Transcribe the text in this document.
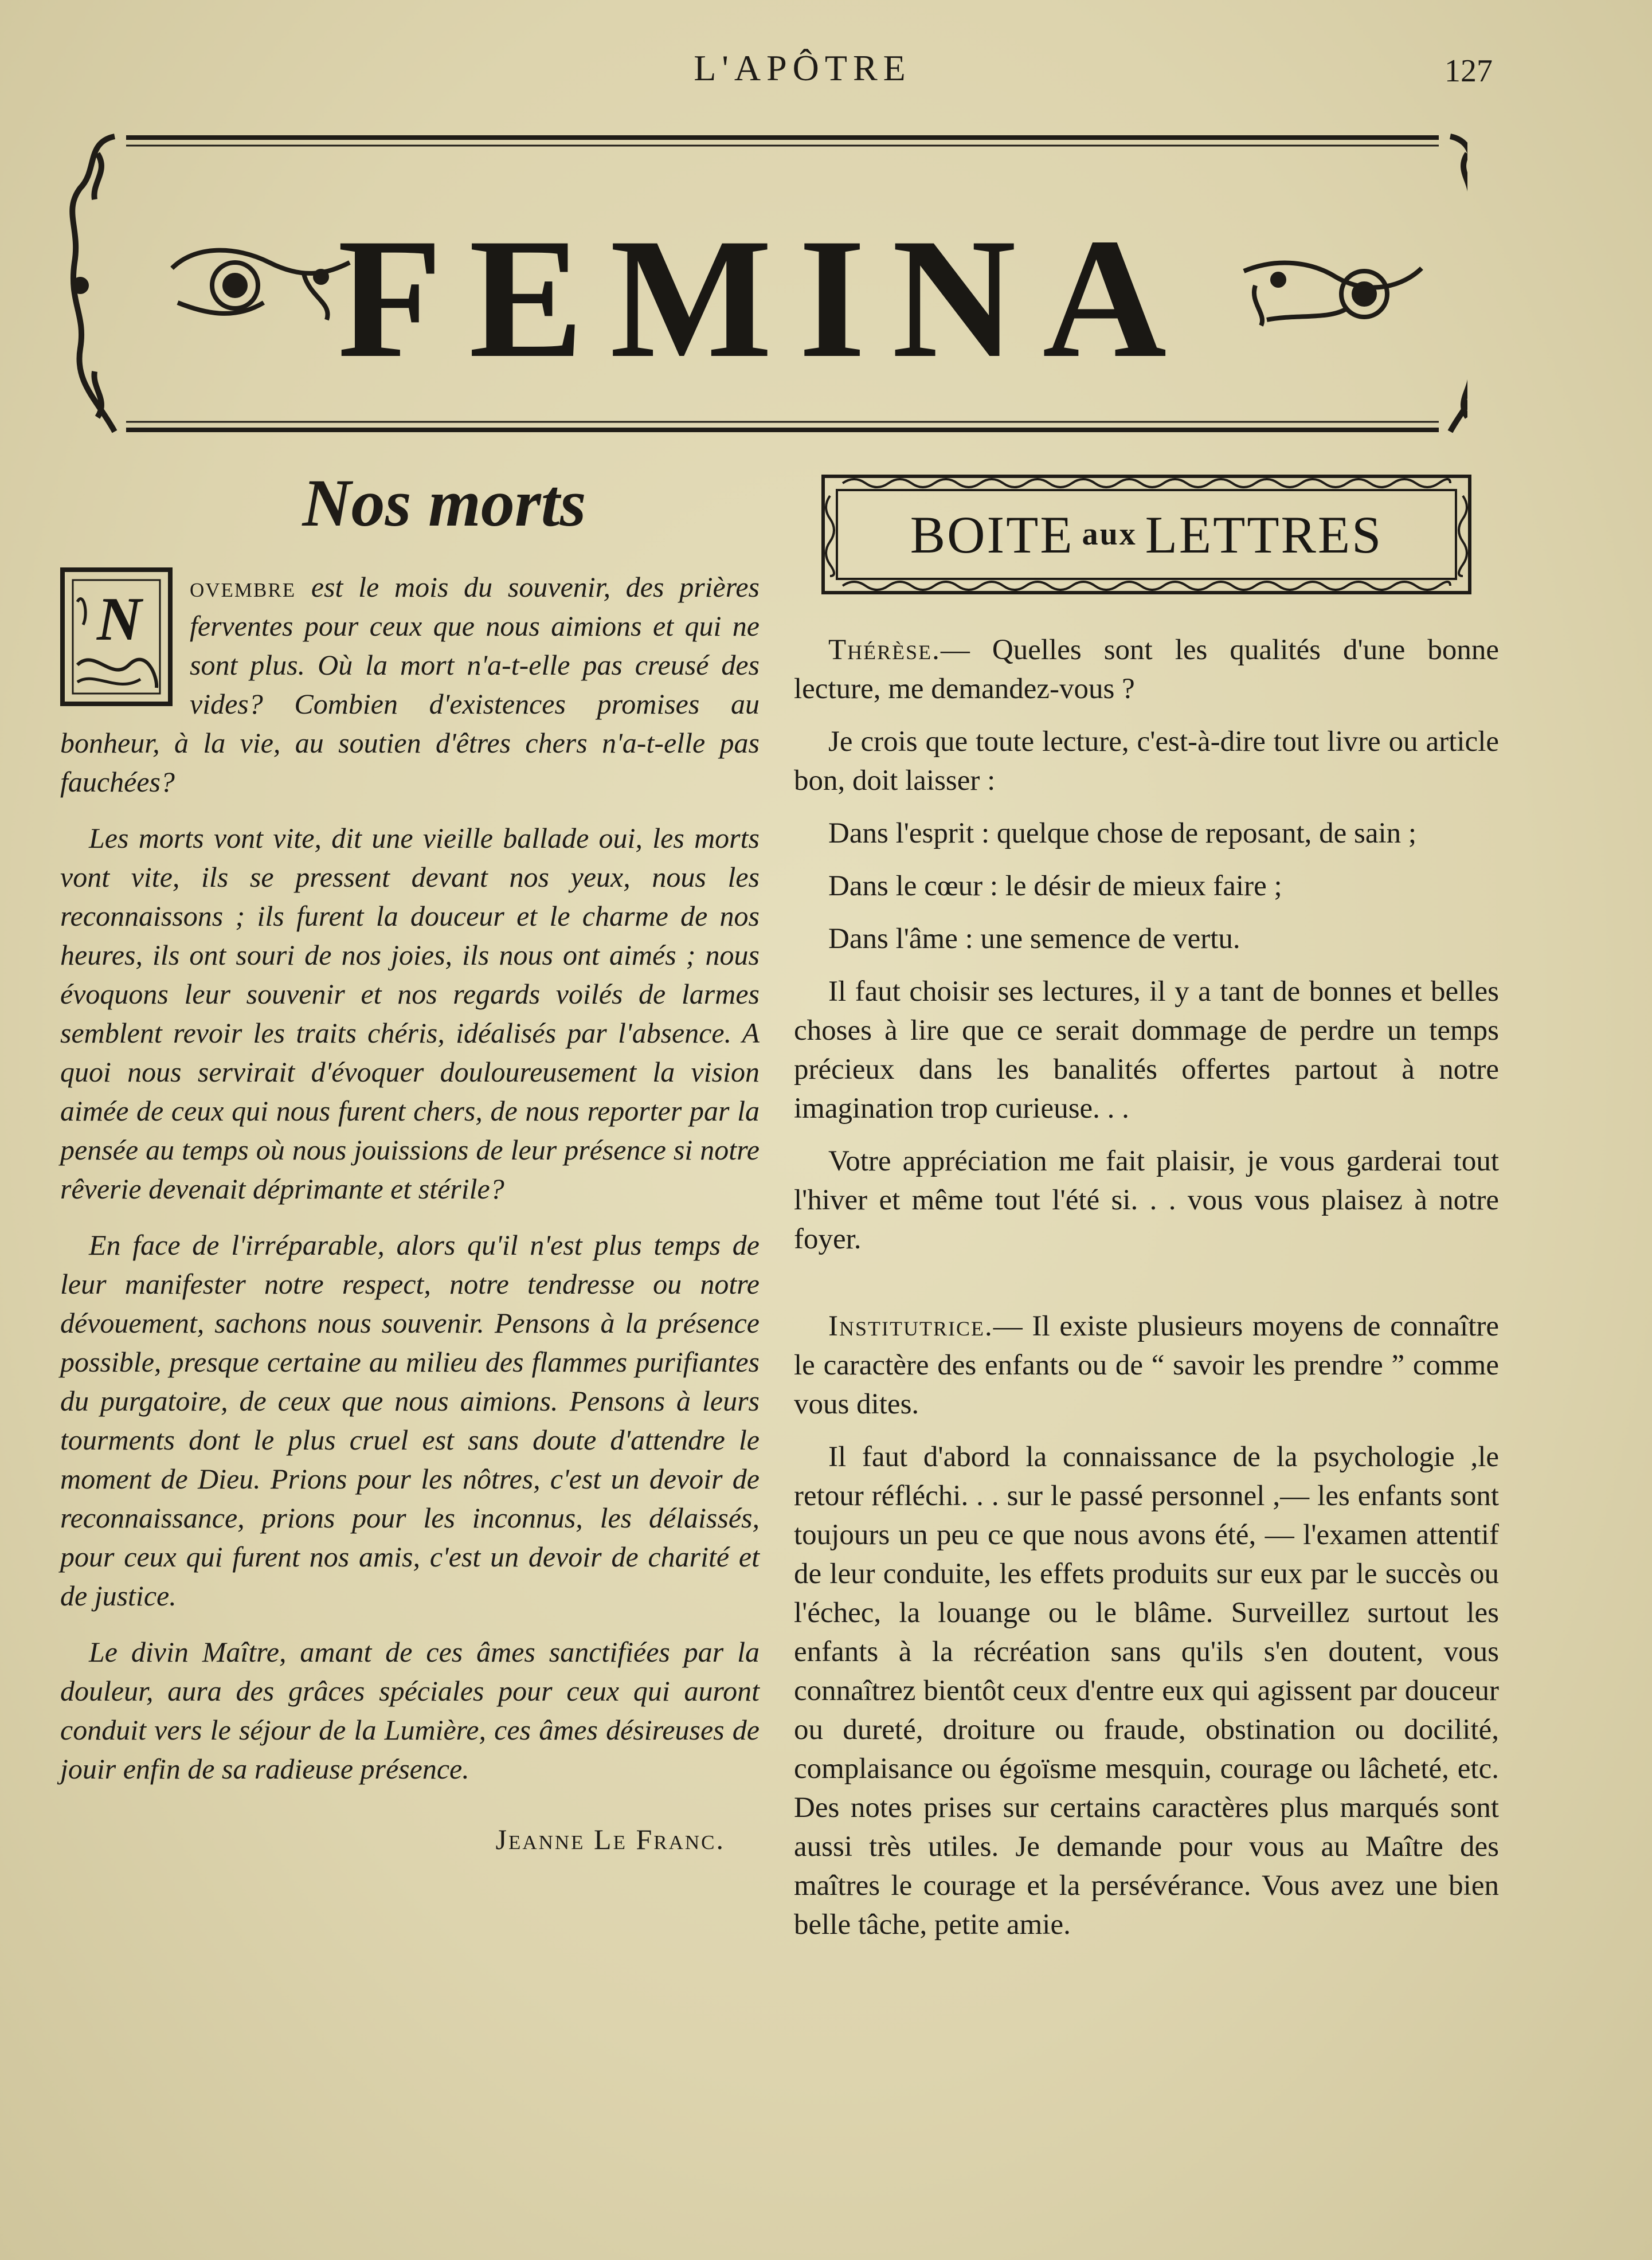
L'APÔTRE	127
FEMINA
Nos morts
N ovembre est le mois du souvenir, des prières ferventes pour ceux que nous aimions et qui ne sont plus. Où la mort n'a-t-elle pas creusé des vides? Combien d'existences promises au bonheur, à la vie, au soutien d'êtres chers n'a-t-elle pas fauchées?

Les morts vont vite, dit une vieille ballade oui, les morts vont vite, ils se pressent devant nos yeux, nous les reconnaissons ; ils furent la douceur et le charme de nos heures, ils ont souri de nos joies, ils nous ont aimés ; nous évoquons leur souvenir et nos regards voilés de larmes semblent revoir les traits chéris, idéalisés par l'absence. A quoi nous servirait d'évoquer douloureusement la vision aimée de ceux qui nous furent chers, de nous reporter par la pensée au temps où nous jouissions de leur présence si notre rêverie devenait déprimante et stérile?

En face de l'irréparable, alors qu'il n'est plus temps de leur manifester notre respect, notre tendresse ou notre dévouement, sachons nous souvenir. Pensons à la présence possible, presque certaine au milieu des flammes purifiantes du purgatoire, de ceux que nous aimions. Pensons à leurs tourments dont le plus cruel est sans doute d'attendre le moment de Dieu. Prions pour les nôtres, c'est un devoir de reconnaissance, prions pour les inconnus, les délaissés, pour ceux qui furent nos amis, c'est un devoir de charité et de justice.

Le divin Maître, amant de ces âmes sanctifiées par la douleur, aura des grâces spéciales pour ceux qui auront conduit vers le séjour de la Lumière, ces âmes désireuses de jouir enfin de sa radieuse présence.

Jeanne Le Franc.
BOITE aux LETTRES

Thérèse.— Quelles sont les qualités d'une bonne lecture, me demandez-vous ?

Je crois que toute lecture, c'est-à-dire tout livre ou article bon, doit laisser :

Dans l'esprit : quelque chose de reposant, de sain ;

Dans le cœur : le désir de mieux faire ;

Dans l'âme : une semence de vertu.

Il faut choisir ses lectures, il y a tant de bonnes et belles choses à lire que ce serait dommage de perdre un temps précieux dans les banalités offertes partout à notre imagination trop curieuse. . .

Votre appréciation me fait plaisir, je vous garderai tout l'hiver et même tout l'été si. . . vous vous plaisez à notre foyer.

Institutrice.— Il existe plusieurs moyens de connaître le caractère des enfants ou de “ savoir les prendre ” comme vous dites.

Il faut d'abord la connaissance de la psychologie ,le retour réfléchi. . . sur le passé personnel ,— les enfants sont toujours un peu ce que nous avons été, — l'examen attentif de leur conduite, les effets produits sur eux par le succès ou l'échec, la louange ou le blâme. Surveillez surtout les enfants à la récréation sans qu'ils s'en doutent, vous connaîtrez bientôt ceux d'entre eux qui agissent par douceur ou dureté, droiture ou fraude, obstination ou docilité, complaisance ou égoïsme mesquin, courage ou lâcheté, etc. Des notes prises sur certains caractères plus marqués sont aussi très utiles. Je demande pour vous au Maître des maîtres le courage et la persévérance. Vous avez une bien belle tâche, petite amie.
